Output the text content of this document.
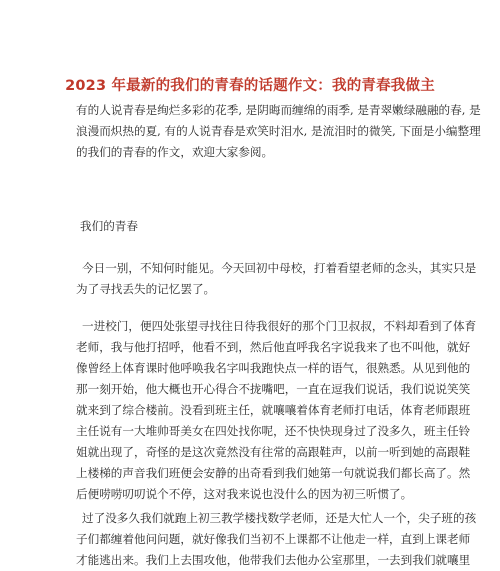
2023 年最新的我们的青春的话题作文：我的青春我做主
有的人说青春是绚烂多彩的花季, 是阴晦而缠绵的雨季, 是青翠嫩绿融融的春, 是
浪漫而炽热的夏, 有的人说青春是欢笑时泪水, 是流泪时的微笑, 下面是小编整理
的我们的青春的作文，欢迎大家参阅。
我们的青春
今日一别，不知何时能见。今天回初中母校，打着看望老师的念头，其实只是
为了寻找丢失的记忆罢了。
一进校门，便四处张望寻找往日待我很好的那个门卫叔叔，不料却看到了体育
老师，我与他打招呼，他看不到，然后他直呼我名字说我来了也不叫他，就好
像曾经上体育课时他呼唤我名字叫我跑快点一样的语气，很熟悉。从见到他的
那一刻开始，他大概也开心得合不拢嘴吧，一直在逗我们说话，我们说说笑笑
就来到了综合楼前。没看到班主任，就嚷嚷着体育老师打电话，体育老师跟班
主任说有一大堆帅哥美女在四处找你呢，还不快快现身过了没多久，班主任铃
姐就出现了，奇怪的是这次竟然没有往常的高跟鞋声，以前一听到她的高跟鞋
上楼梯的声音我们班便会安静的出奇看到我们她第一句就说我们都长高了。然
后便唠唠叨叨说个不停，这对我来说也没什么的因为初三听惯了。
过了没多久我们就跑上初三教学楼找数学老师，还是大忙人一个，尖子班的孩
子们都缠着他问问题，就好像我们当初不上课都不让他走一样，直到上课老师
才能逃出来。我们上去围攻他，他带我们去他办公室那里，一去到我们就嚷里
